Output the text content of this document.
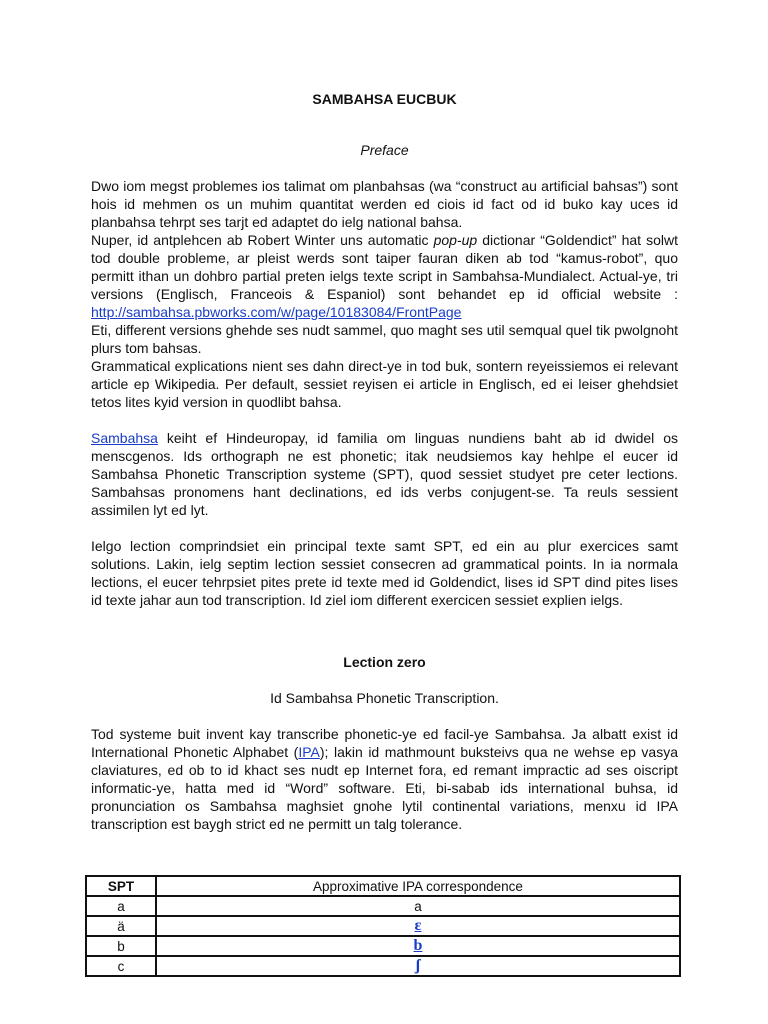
SAMBAHSA EUCBUK
Preface

Dwo iom megst problemes ios talimat om planbahsas (wa “construct au artificial bahsas”) sont hois id mehmen os un muhim quantitat werden ed ciois id fact od id buko kay uces id planbahsa tehrpt ses tarjt ed adaptet do ielg national bahsa.

Nuper, id antplehcen ab Robert Winter uns automatic pop-up dictionar “Goldendict” hat solwt tod double probleme, ar pleist werds sont taiper fauran diken ab tod “kamus-robot”, quo permitt ithan un dohbro partial preten ielgs texte script in Sambahsa-Mundialect. Actual-ye, tri versions (Englisch, Franceois & Espaniol) sont behandet ep id official website :

http://sambahsa.pbworks.com/w/page/10183084/FrontPage

Eti, different versions ghehde ses nudt sammel, quo maght ses util semqual quel tik pwolgnoht plurs tom bahsas.

Grammatical explications nient ses dahn direct-ye in tod buk, sontern reyeissiemos ei relevant article ep Wikipedia. Per default, sessiet reyisen ei article in Englisch, ed ei leiser ghehdsiet tetos lites kyid version in quodlibt bahsa.

Sambahsa keiht ef Hindeuropay, id familia om linguas nundiens baht ab id dwidel os menscgenos. Ids orthograph ne est phonetic; itak neudsiemos kay hehlpe el eucer id Sambahsa Phonetic Transcription systeme (SPT), quod sessiet studyet pre ceter lections. Sambahsas pronomens hant declinations, ed ids verbs conjugent-se. Ta reuls sessient assimilen lyt ed lyt.

Ielgo lection comprindsiet ein principal texte samt SPT, ed ein au plur exercices samt solutions. Lakin, ielg septim lection sessiet consecren ad grammatical points. In ia normala lections, el eucer tehrpsiet pites prete id texte med id Goldendict, lises id SPT dind pites lises id texte jahar aun tod transcription. Id ziel iom different exercicen sessiet explien ielgs.

Lection zero
Id Sambahsa Phonetic Transcription.

Tod systeme buit invent kay transcribe phonetic-ye ed facil-ye Sambahsa. Ja albatt exist id International Phonetic Alphabet (IPA); lakin id mathmount buksteivs qua ne wehse ep vasya claviatures, ed ob to id khact ses nudt ep Internet fora, ed remant impractic ad ses oiscript informatic-ye, hatta med id “Word” software. Eti, bi-sabab ids international buhsa, id pronunciation os Sambahsa maghsiet gnohe lytil continental variations, menxu id IPA transcription est baygh strict ed ne permitt un talg tolerance.

SPT	Approximative IPA correspondence
a	a
ä	ɛ
b	b
c	ʃ
